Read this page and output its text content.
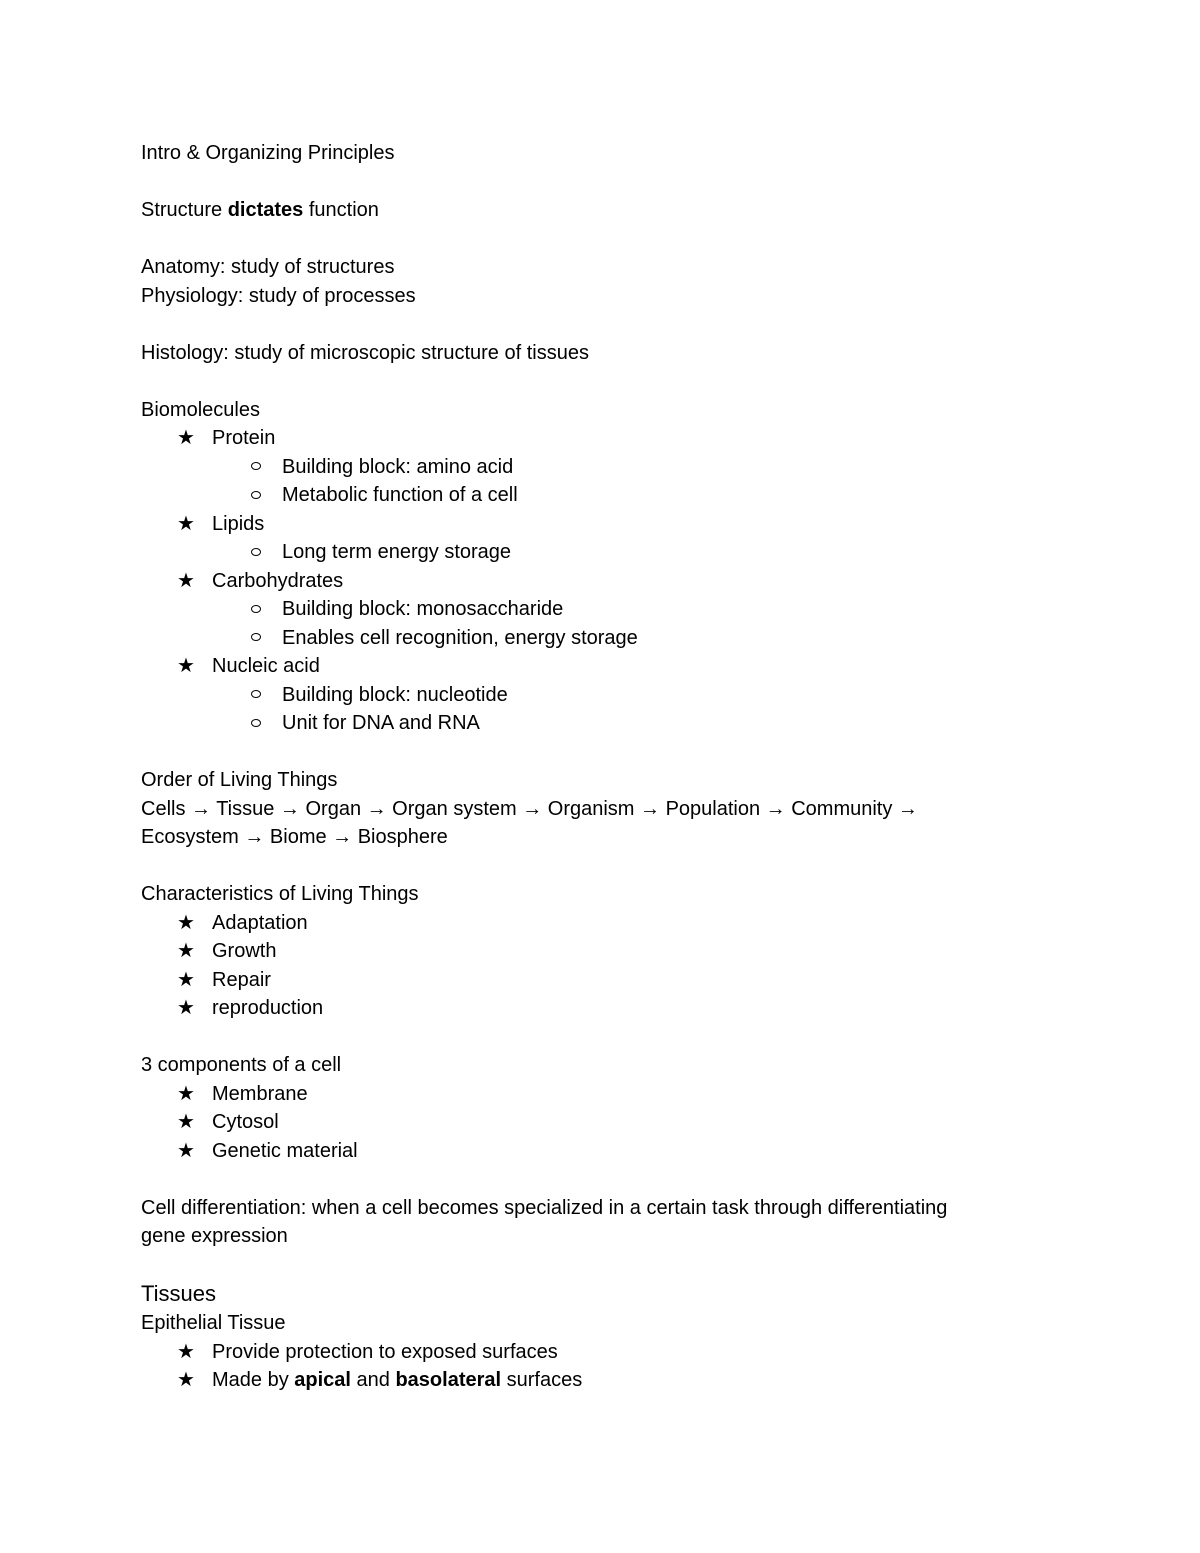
Intro & Organizing Principles

Structure dictates function

Anatomy: study of structures

Physiology: study of processes

Histology: study of microscopic structure of tissues

Biomolecules

★ Protein

Building block: amino acid

Metabolic function of a cell

★ Lipids

Long term energy storage

★ Carbohydrates

Building block: monosaccharide

Enables cell recognition, energy storage

★ Nucleic acid

Building block: nucleotide

Unit for DNA and RNA

Order of Living Things

Cells → Tissue → Organ → Organ system → Organism → Population → Community →

Ecosystem → Biome → Biosphere

Characteristics of Living Things

★ Adaptation

★ Growth

★ Repair

★ reproduction

3 components of a cell

★ Membrane

★ Cytosol

★ Genetic material

Cell differentiation: when a cell becomes specialized in a certain task through differentiating

gene expression

Tissues

Epithelial Tissue

★ Provide protection to exposed surfaces

★ Made by apical and basolateral surfaces
